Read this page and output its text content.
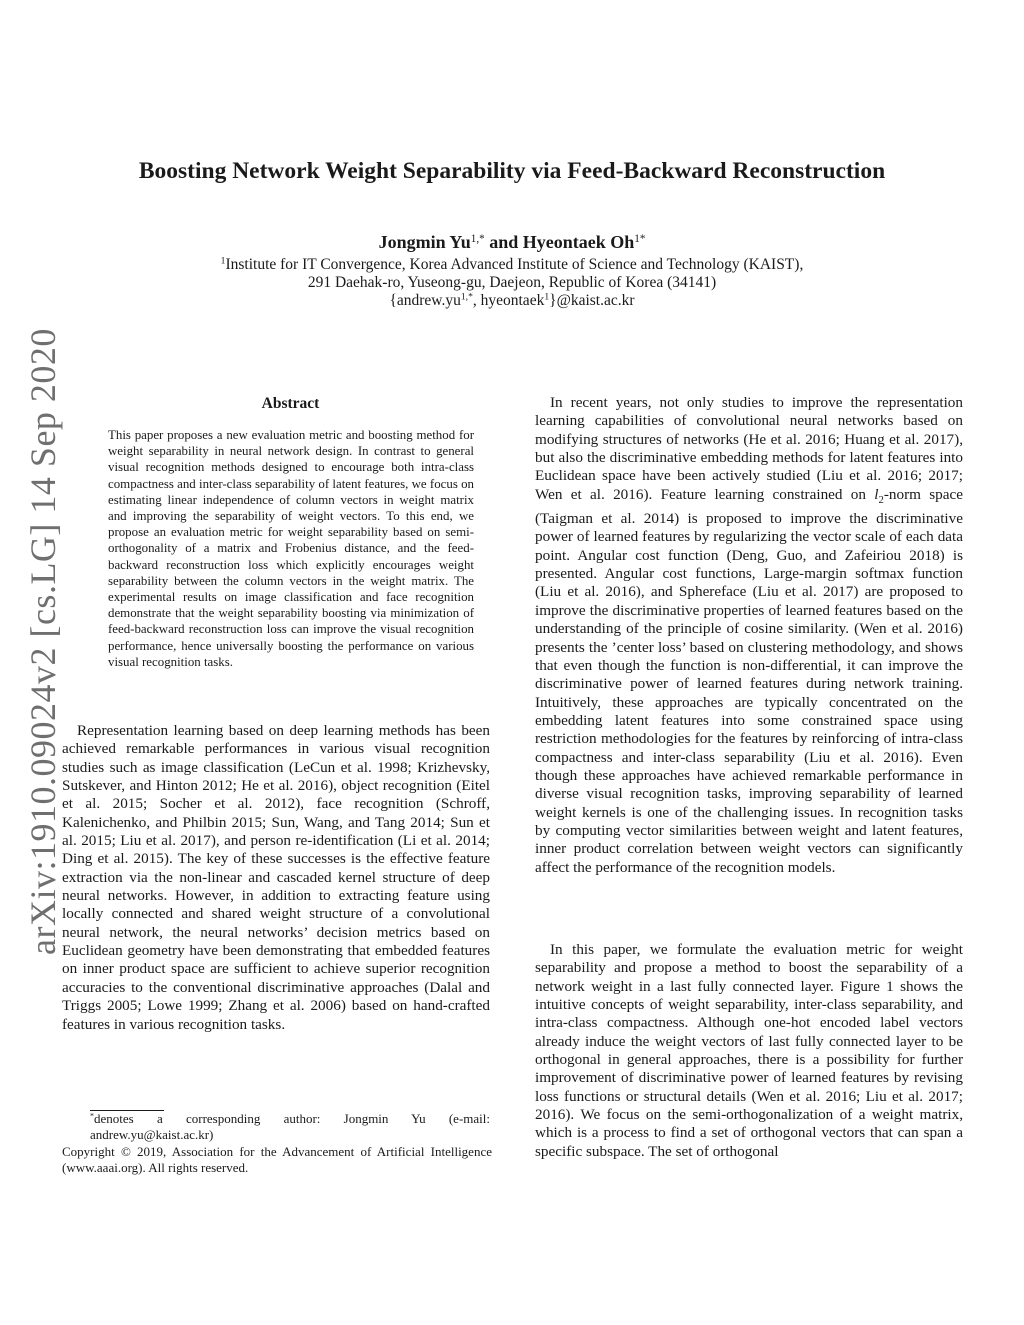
arXiv:1910.09024v2 [cs.LG] 14 Sep 2020
Boosting Network Weight Separability via Feed-Backward Reconstruction
Jongmin $Yu^{1,*}$ and Hyeontaek $Oh^{1*}$
$^1$Institute for IT Convergence, Korea Advanced Institute of Science and Technology (KAIST),
291 Daehak-ro, Yuseong-gu, Daejeon, Republic of Korea (34141)
{$andrew.yu^{1,*}$, hyeontaek$^1$}@kaist.ac.kr
Abstract
This paper proposes a new evaluation metric and boosting method for weight separability in neural network design. In contrast to general visual recognition methods designed to encourage both intra-class compactness and inter-class separability of latent features, we focus on estimating linear independence of column vectors in weight matrix and improving the separability of weight vectors. To this end, we propose an evaluation metric for weight separability based on semi-orthogonality of a matrix and Frobenius distance, and the feed-backward reconstruction loss which explicitly encourages weight separability between the column vectors in the weight matrix. The experimental results on image classification and face recognition demonstrate that the weight separability boosting via minimization of feed-backward reconstruction loss can improve the visual recognition performance, hence universally boosting the performance on various visual recognition tasks.

Representation learning based on deep learning methods has been achieved remarkable performances in various visual recognition studies such as image classification (LeCun et al. 1998; Krizhevsky, Sutskever, and Hinton 2012; He et al. 2016), object recognition (Eitel et al. 2015; Socher et al. 2012), face recognition (Schroff, Kalenichenko, and Philbin 2015; Sun, Wang, and Tang 2014; Sun et al. 2015; Liu et al. 2017), and person re-identification (Li et al. 2014; Ding et al. 2015). The key of these successes is the effective feature extraction via the non-linear and cascaded kernel structure of deep neural networks. However, in addition to extracting feature using locally connected and shared weight structure of a convolutional neural network, the neural networks’ decision metrics based on Euclidean geometry have been demonstrating that embedded features on inner product space are sufficient to achieve superior recognition accuracies to the conventional discriminative approaches (Dalal and Triggs 2005; Lowe 1999; Zhang et al. 2006) based on hand-crafted features in various recognition tasks.

In recent years, not only studies to improve the representation learning capabilities of convolutional neural networks based on modifying structures of networks (He et al. 2016; Huang et al. 2017), but also the discriminative embedding methods for latent features into Euclidean space have been actively studied (Liu et al. 2016; 2017; Wen et al. 2016). Feature learning constrained on $l_2$-norm space (Taigman et al. 2014) is proposed to improve the discriminative power of learned features by regularizing the vector scale of each data point. Angular cost function (Deng, Guo, and Zafeiriou 2018) is presented. Angular cost functions, Large-margin softmax function (Liu et al. 2016), and Sphereface (Liu et al. 2017) are proposed to improve the discriminative properties of learned features based on the understanding of the principle of cosine similarity. (Wen et al. 2016) presents the ’center loss’ based on clustering methodology, and shows that even though the function is non-differential, it can improve the discriminative power of learned features during network training. Intuitively, these approaches are typically concentrated on the embedding latent features into some constrained space using restriction methodologies for the features by reinforcing of intra-class compactness and inter-class separability (Liu et al. 2016). Even though these approaches have achieved remarkable performance in diverse visual recognition tasks, improving separability of learned weight kernels is one of the challenging issues. In recognition tasks by computing vector similarities between weight and latent features, inner product correlation between weight vectors can significantly affect the performance of the recognition models.

In this paper, we formulate the evaluation metric for weight separability and propose a method to boost the separability of a network weight in a last fully connected layer. Figure 1 shows the intuitive concepts of weight separability, inter-class separability, and intra-class compactness. Although one-hot encoded label vectors already induce the weight vectors of last fully connected layer to be orthogonal in general approaches, there is a possibility for further improvement of discriminative power of learned features by revising loss functions or structural details (Wen et al. 2016; Liu et al. 2017; 2016). We focus on the semi-orthogonalization of a weight matrix, which is a process to find a set of orthogonal vectors that can span a specific subspace. The set of orthogonal

*denotes a corresponding author: Jongmin Yu (e-mail: andrew.yu@kaist.ac.kr)
Copyright © 2019, Association for the Advancement of Artificial Intelligence (www.aaai.org). All rights reserved.
